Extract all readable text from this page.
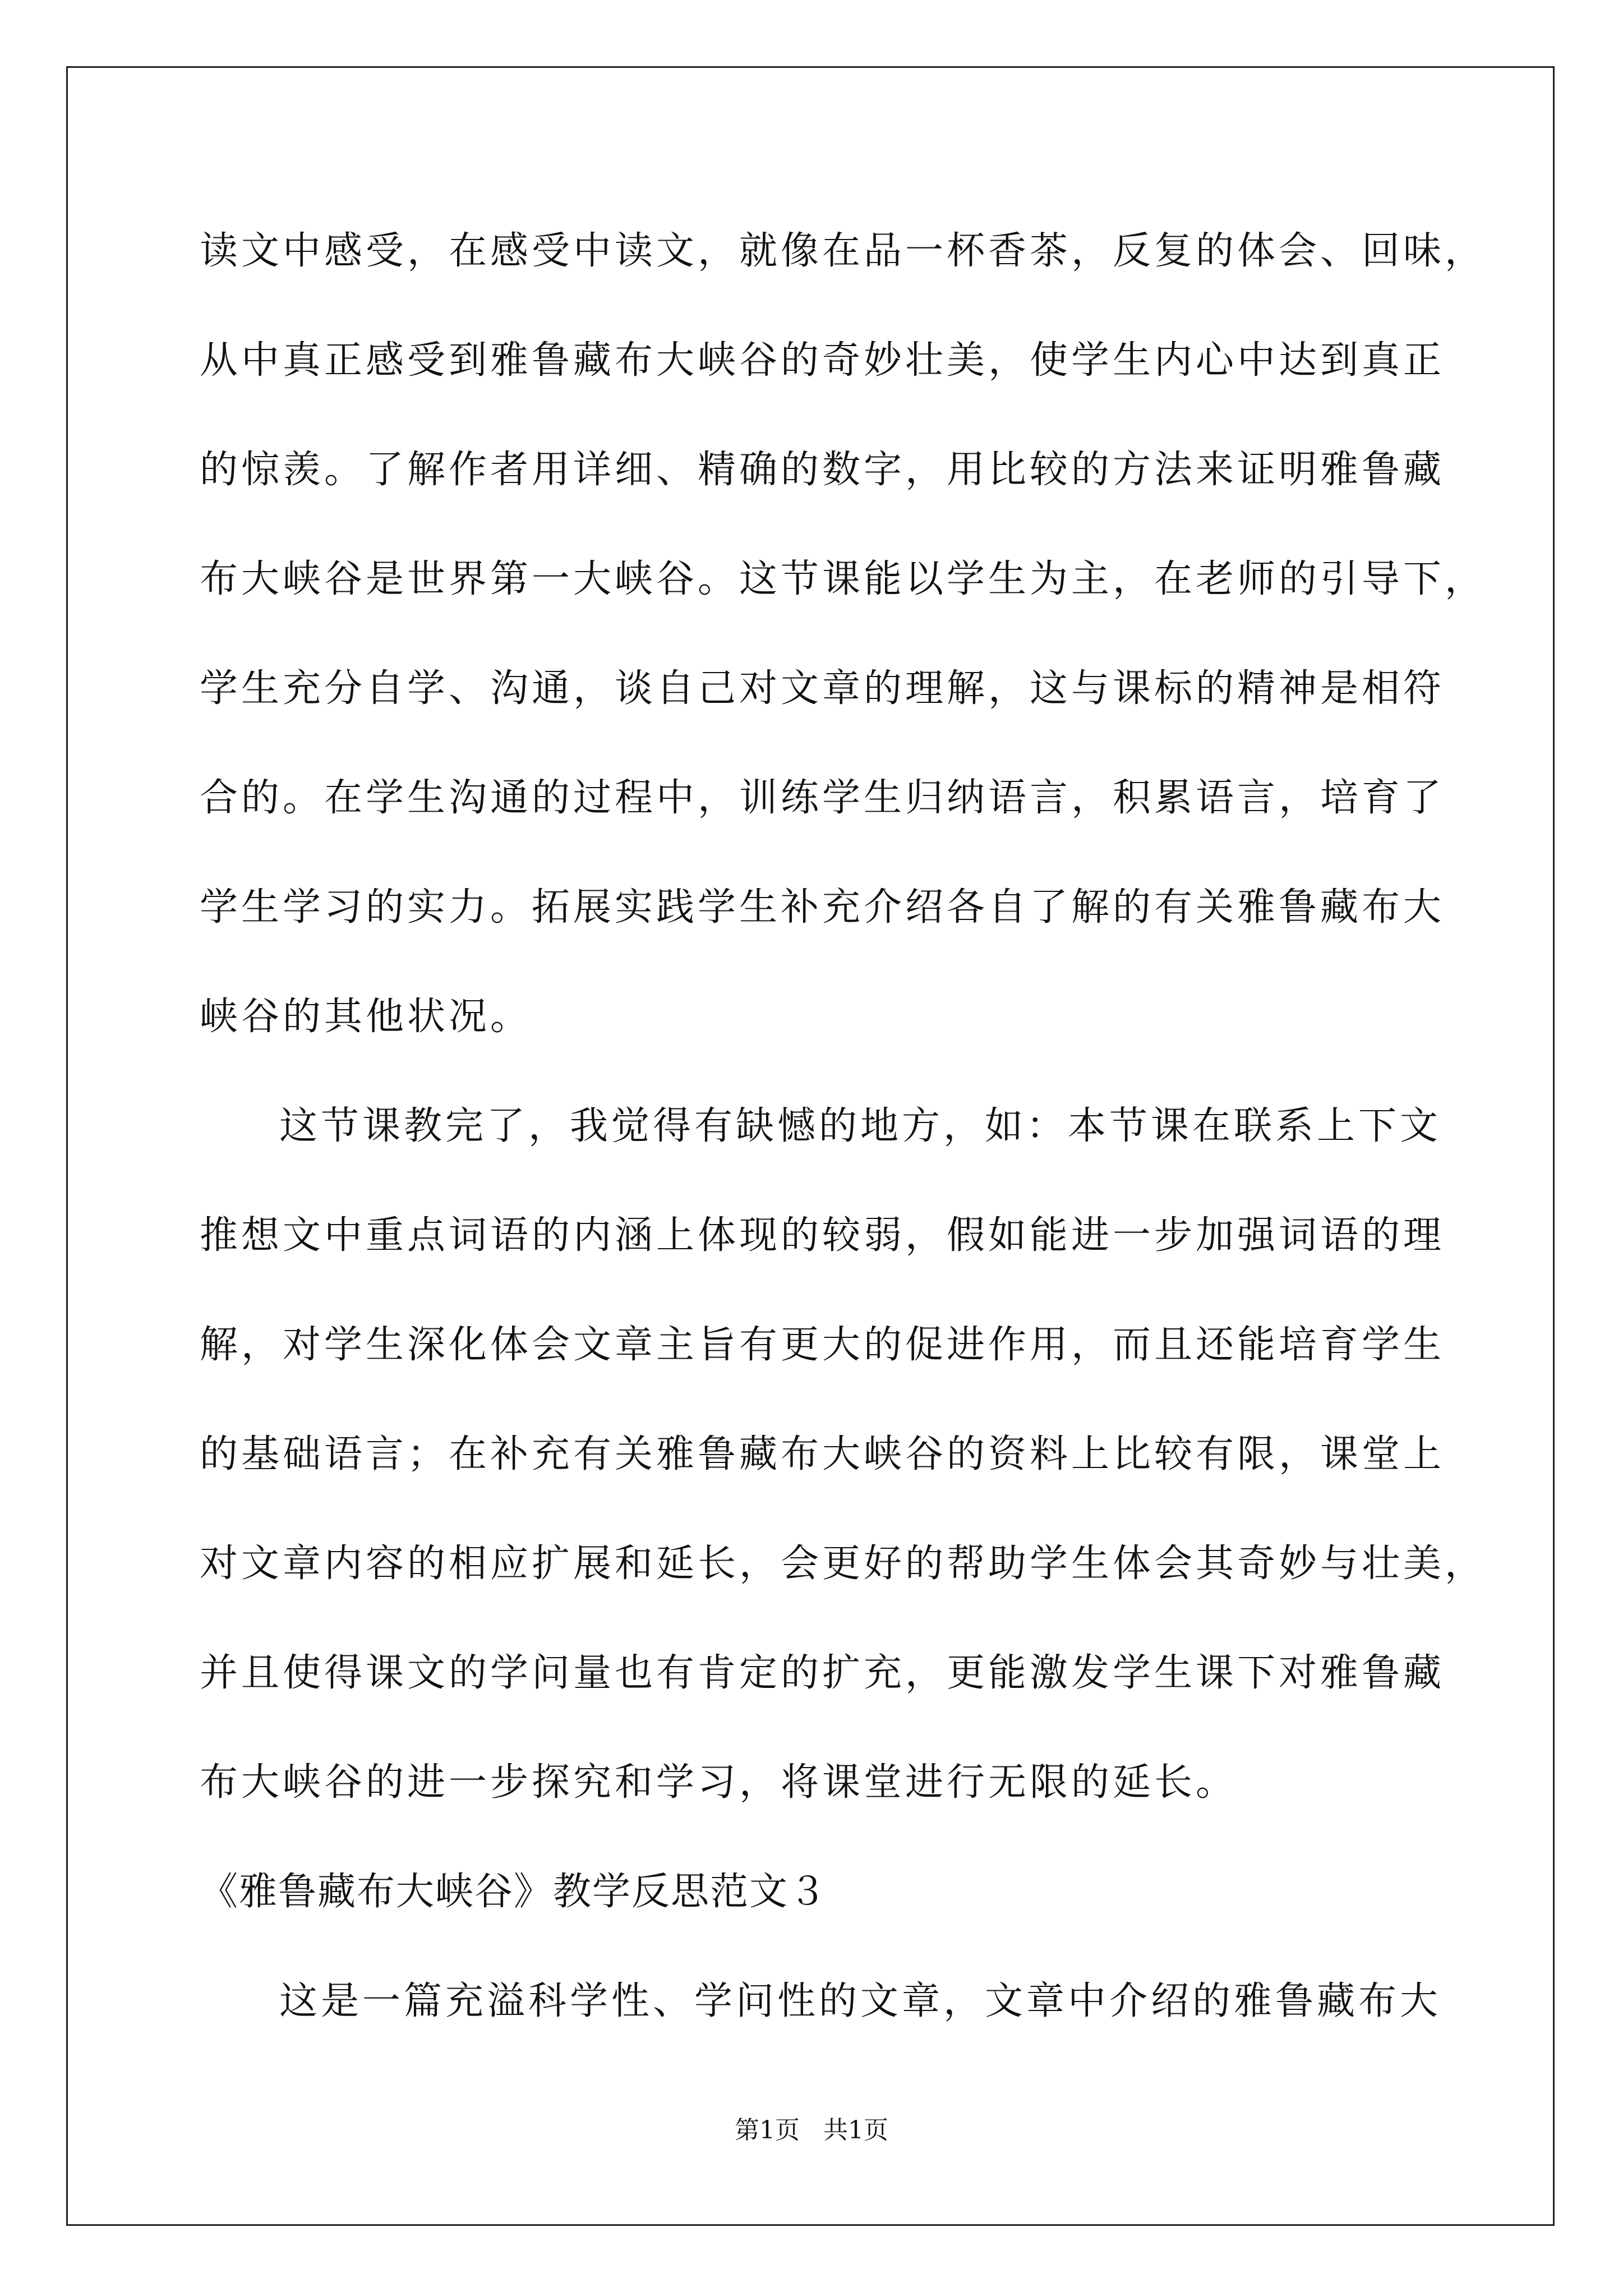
读文中感受，在感受中读文，就像在品一杯香茶，反复的体会、回味，
从中真正感受到雅鲁藏布大峡谷的奇妙壮美，使学生内心中达到真正
的惊羡。了解作者用详细、精确的数字，用比较的方法来证明雅鲁藏
布大峡谷是世界第一大峡谷。这节课能以学生为主，在老师的引导下，
学生充分自学、沟通，谈自己对文章的理解，这与课标的精神是相符
合的。在学生沟通的过程中，训练学生归纳语言，积累语言，培育了
学生学习的实力。拓展实践学生补充介绍各自了解的有关雅鲁藏布大
峡谷的其他状况。
这节课教完了，我觉得有缺憾的地方，如：本节课在联系上下文
推想文中重点词语的内涵上体现的较弱，假如能进一步加强词语的理
解，对学生深化体会文章主旨有更大的促进作用，而且还能培育学生
的基础语言；在补充有关雅鲁藏布大峡谷的资料上比较有限，课堂上
对文章内容的相应扩展和延长，会更好的帮助学生体会其奇妙与壮美，
并且使得课文的学问量也有肯定的扩充，更能激发学生课下对雅鲁藏
布大峡谷的进一步探究和学习，将课堂进行无限的延长。
《雅鲁藏布大峡谷》教学反思范文３
这是一篇充溢科学性、学问性的文章，文章中介绍的雅鲁藏布大
第1页 共1页
